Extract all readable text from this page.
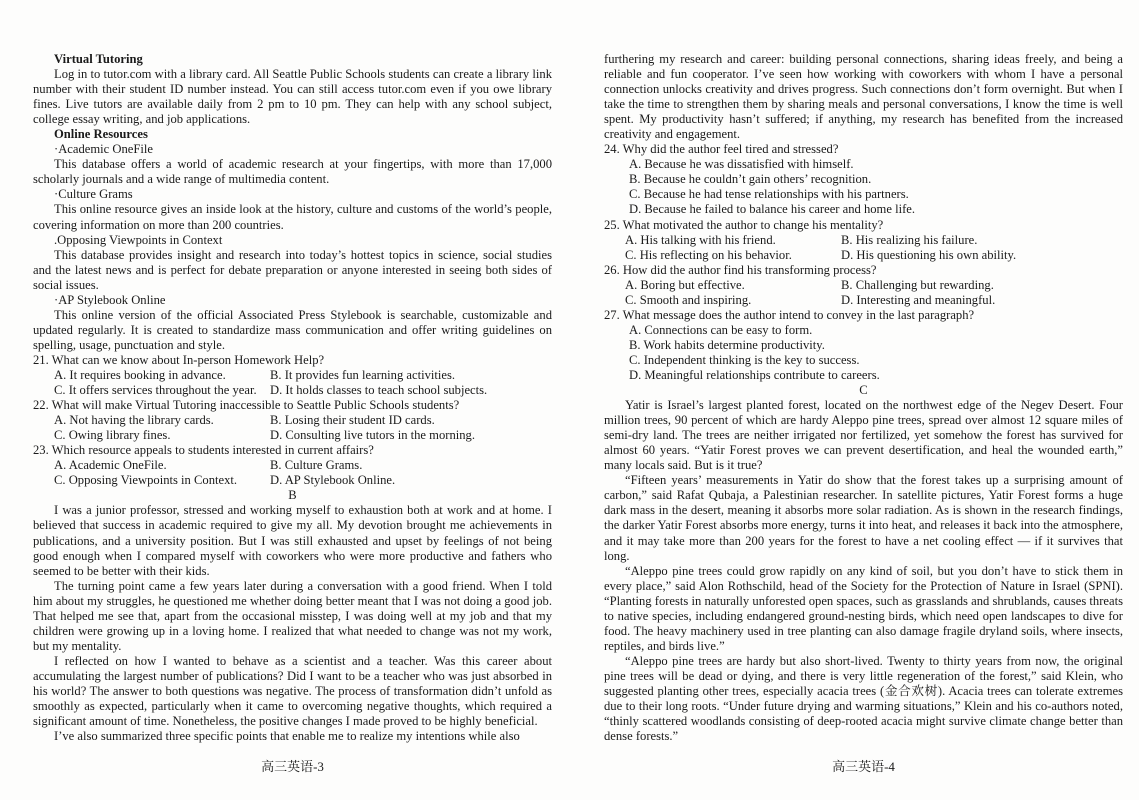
Virtual Tutoring

Log in to tutor.com with a library card. All Seattle Public Schools students can create a library link number with their student ID number instead. You can still access tutor.com even if you owe library fines. Live tutors are available daily from 2 pm to 10 pm. They can help with any school subject, college essay writing, and job applications.

Online Resources

·Academic OneFile

This database offers a world of academic research at your fingertips, with more than 17,000 scholarly journals and a wide range of multimedia content.

·Culture Grams

This online resource gives an inside look at the history, culture and customs of the world’s people, covering information on more than 200 countries.

.Opposing Viewpoints in Context

This database provides insight and research into today’s hottest topics in science, social studies and the latest news and is perfect for debate preparation or anyone interested in seeing both sides of social issues.

·AP Stylebook Online

This online version of the official Associated Press Stylebook is searchable, customizable and updated regularly. It is created to standardize mass communication and offer writing guidelines on spelling, usage, punctuation and style.

21. What can we know about In-person Homework Help?

A. It requires booking in advance.	B. It provides fun learning activities.
C. It offers services throughout the year.	D. It holds classes to teach school subjects.

22. What will make Virtual Tutoring inaccessible to Seattle Public Schools students?

A. Not having the library cards.	B. Losing their student ID cards.
C. Owing library fines.	D. Consulting live tutors in the morning.

23. Which resource appeals to students interested in current affairs?

A. Academic OneFile.	B. Culture Grams.
C. Opposing Viewpoints in Context.	D. AP Stylebook Online.

B

I was a junior professor, stressed and working myself to exhaustion both at work and at home. I believed that success in academic required to give my all. My devotion brought me achievements in publications, and a university position. But I was still exhausted and upset by feelings of not being good enough when I compared myself with coworkers who were more productive and fathers who seemed to be better with their kids.

The turning point came a few years later during a conversation with a good friend. When I told him about my struggles, he questioned me whether doing better meant that I was not doing a good job. That helped me see that, apart from the occasional misstep, I was doing well at my job and that my children were growing up in a loving home. I realized that what needed to change was not my work, but my mentality.

I reflected on how I wanted to behave as a scientist and a teacher. Was this career about accumulating the largest number of publications? Did I want to be a teacher who was just absorbed in his world? The answer to both questions was negative. The process of transformation didn’t unfold as smoothly as expected, particularly when it came to overcoming negative thoughts, which required a significant amount of time. Nonetheless, the positive changes I made proved to be highly beneficial.

I’ve also summarized three specific points that enable me to realize my intentions while also

furthering my research and career: building personal connections, sharing ideas freely, and being a reliable and fun cooperator. I’ve seen how working with coworkers with whom I have a personal connection unlocks creativity and drives progress. Such connections don’t form overnight. But when I take the time to strengthen them by sharing meals and personal conversations, I know the time is well spent. My productivity hasn’t suffered; if anything, my research has benefited from the increased creativity and engagement.

24. Why did the author feel tired and stressed?

A. Because he was dissatisfied with himself.

B. Because he couldn’t gain others’ recognition.

C. Because he had tense relationships with his partners.

D. Because he failed to balance his career and home life.

25. What motivated the author to change his mentality?

A. His talking with his friend.	B. His realizing his failure.
C. His reflecting on his behavior.	D. His questioning his own ability.

26. How did the author find his transforming process?

A. Boring but effective.	B. Challenging but rewarding.
C. Smooth and inspiring.	D. Interesting and meaningful.

27. What message does the author intend to convey in the last paragraph?

A. Connections can be easy to form.

B. Work habits determine productivity.

C. Independent thinking is the key to success.

D. Meaningful relationships contribute to careers.

C

Yatir is Israel’s largest planted forest, located on the northwest edge of the Negev Desert. Four million trees, 90 percent of which are hardy Aleppo pine trees, spread over almost 12 square miles of semi-dry land. The trees are neither irrigated nor fertilized, yet somehow the forest has survived for almost 60 years. “Yatir Forest proves we can prevent desertification, and heal the wounded earth,” many locals said. But is it true?

“Fifteen years’ measurements in Yatir do show that the forest takes up a surprising amount of carbon,” said Rafat Qubaja, a Palestinian researcher. In satellite pictures, Yatir Forest forms a huge dark mass in the desert, meaning it absorbs more solar radiation. As is shown in the research findings, the darker Yatir Forest absorbs more energy, turns it into heat, and releases it back into the atmosphere, and it may take more than 200 years for the forest to have a net cooling effect — if it survives that long.

“Aleppo pine trees could grow rapidly on any kind of soil, but you don’t have to stick them in every place,” said Alon Rothschild, head of the Society for the Protection of Nature in Israel (SPNI). “Planting forests in naturally unforested open spaces, such as grasslands and shrublands, causes threats to native species, including endangered ground-nesting birds, which need open landscapes to dive for food. The heavy machinery used in tree planting can also damage fragile dryland soils, where insects, reptiles, and birds live.”

“Aleppo pine trees are hardy but also short-lived. Twenty to thirty years from now, the original pine trees will be dead or dying, and there is very little regeneration of the forest,” said Klein, who suggested planting other trees, especially acacia trees (金合欢树). Acacia trees can tolerate extremes due to their long roots. “Under future drying and warming situations,” Klein and his co-authors noted, “thinly scattered woodlands consisting of deep-rooted acacia might survive climate change better than dense forests.”

高三英语-3	高三英语-4
